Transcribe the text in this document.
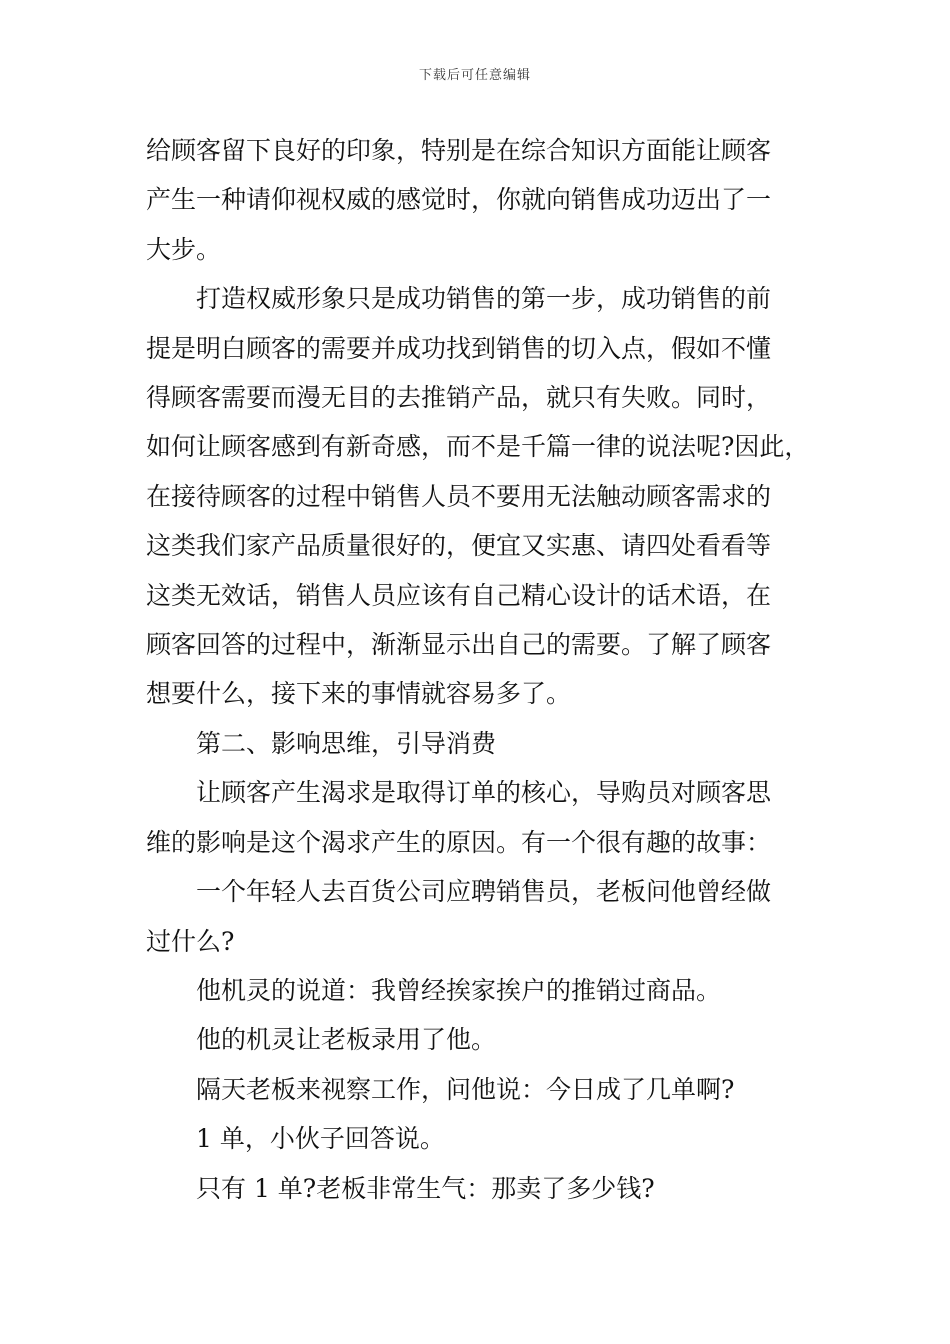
下载后可任意编辑

给顾客留下良好的印象，特别是在综合知识方面能让顾客

产生一种请仰视权威的感觉时，你就向销售成功迈出了一

大步。

打造权威形象只是成功销售的第一步，成功销售的前

提是明白顾客的需要并成功找到销售的切入点，假如不懂

得顾客需要而漫无目的去推销产品，就只有失败。同时，

如何让顾客感到有新奇感，而不是千篇一律的说法呢?因此，

在接待顾客的过程中销售人员不要用无法触动顾客需求的

这类我们家产品质量很好的，便宜又实惠、请四处看看等

这类无效话，销售人员应该有自己精心设计的话术语，在

顾客回答的过程中，渐渐显示出自己的需要。了解了顾客

想要什么，接下来的事情就容易多了。

第二、影响思维，引导消费

让顾客产生渴求是取得订单的核心，导购员对顾客思

维的影响是这个渴求产生的原因。有一个很有趣的故事：

一个年轻人去百货公司应聘销售员，老板问他曾经做

过什么?

他机灵的说道：我曾经挨家挨户的推销过商品。

他的机灵让老板录用了他。

隔天老板来视察工作，问他说：今日成了几单啊?

1 单，小伙子回答说。

只有 1 单?老板非常生气：那卖了多少钱?
